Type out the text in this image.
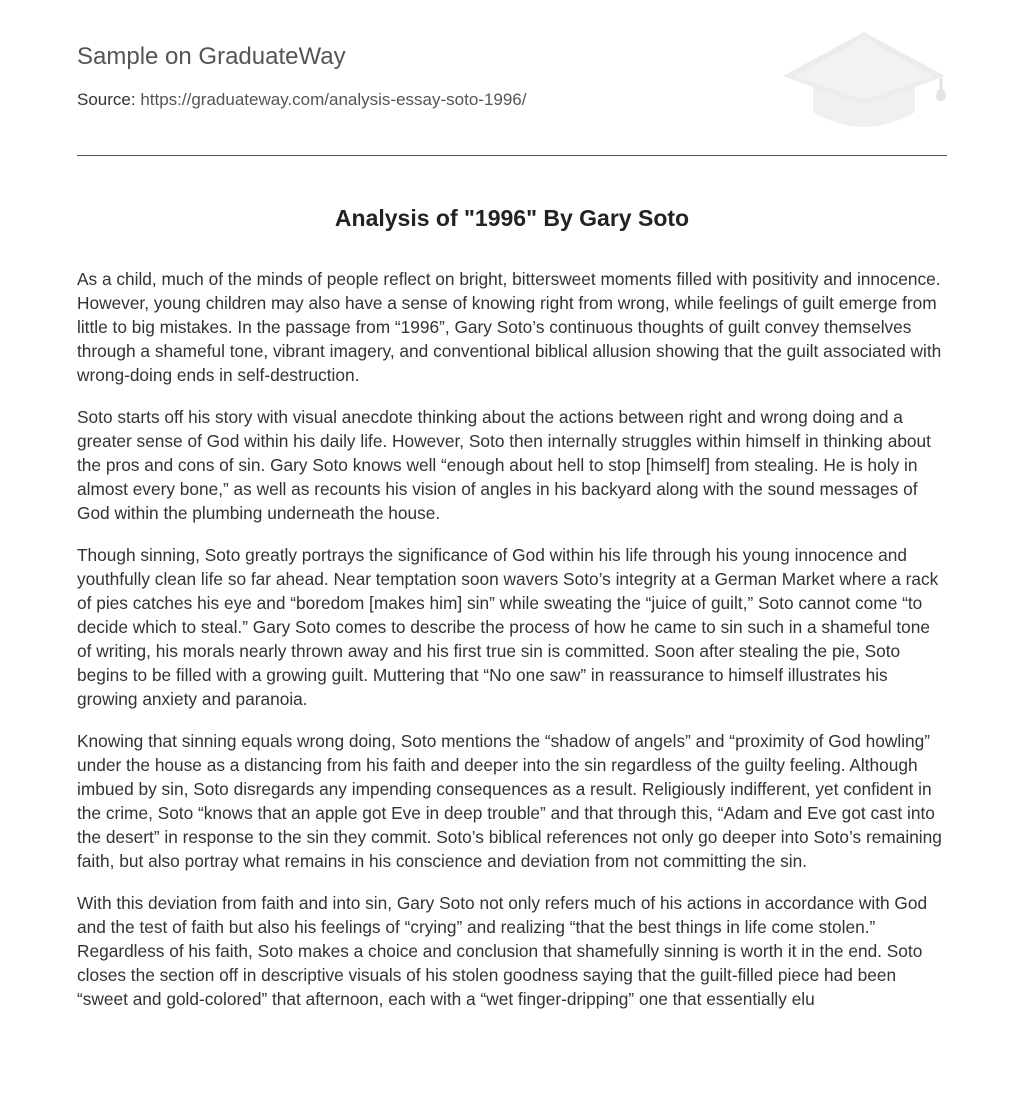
Sample on GraduateWay
Source: https://graduateway.com/analysis-essay-soto-1996/
Analysis of "1996" By Gary Soto

As a child, much of the minds of people reflect on bright, bittersweet moments filled with positivity and innocence. However, young children may also have a sense of knowing right from wrong, while feelings of guilt emerge from little to big mistakes. In the passage from “1996”, Gary Soto’s continuous thoughts of guilt convey themselves through a shameful tone, vibrant imagery, and conventional biblical allusion showing that the guilt associated with wrong-doing ends in self-destruction.

Soto starts off his story with visual anecdote thinking about the actions between right and wrong doing and a greater sense of God within his daily life. However, Soto then internally struggles within himself in thinking about the pros and cons of sin. Gary Soto knows well “enough about hell to stop [himself] from stealing. He is holy in almost every bone,” as well as recounts his vision of angles in his backyard along with the sound messages of God within the plumbing underneath the house.

Though sinning, Soto greatly portrays the significance of God within his life through his young innocence and youthfully clean life so far ahead. Near temptation soon wavers Soto’s integrity at a German Market where a rack of pies catches his eye and “boredom [makes him] sin” while sweating the “juice of guilt,” Soto cannot come “to decide which to steal.” Gary Soto comes to describe the process of how he came to sin such in a shameful tone of writing, his morals nearly thrown away and his first true sin is committed. Soon after stealing the pie, Soto begins to be filled with a growing guilt. Muttering that “No one saw” in reassurance to himself illustrates his growing anxiety and paranoia.

Knowing that sinning equals wrong doing, Soto mentions the “shadow of angels” and “proximity of God howling” under the house as a distancing from his faith and deeper into the sin regardless of the guilty feeling. Although imbued by sin, Soto disregards any impending consequences as a result. Religiously indifferent, yet confident in the crime, Soto “knows that an apple got Eve in deep trouble” and that through this, “Adam and Eve got cast into the desert” in response to the sin they commit. Soto’s biblical references not only go deeper into Soto’s remaining faith, but also portray what remains in his conscience and deviation from not committing the sin.

With this deviation from faith and into sin, Gary Soto not only refers much of his actions in accordance with God and the test of faith but also his feelings of “crying” and realizing “that the best things in life come stolen.” Regardless of his faith, Soto makes a choice and conclusion that shamefully sinning is worth it in the end. Soto closes the section off in descriptive visuals of his stolen goodness saying that the guilt-filled piece had been “sweet and gold-colored” that afternoon, each with a “wet finger-dripping” one that essentially elu
